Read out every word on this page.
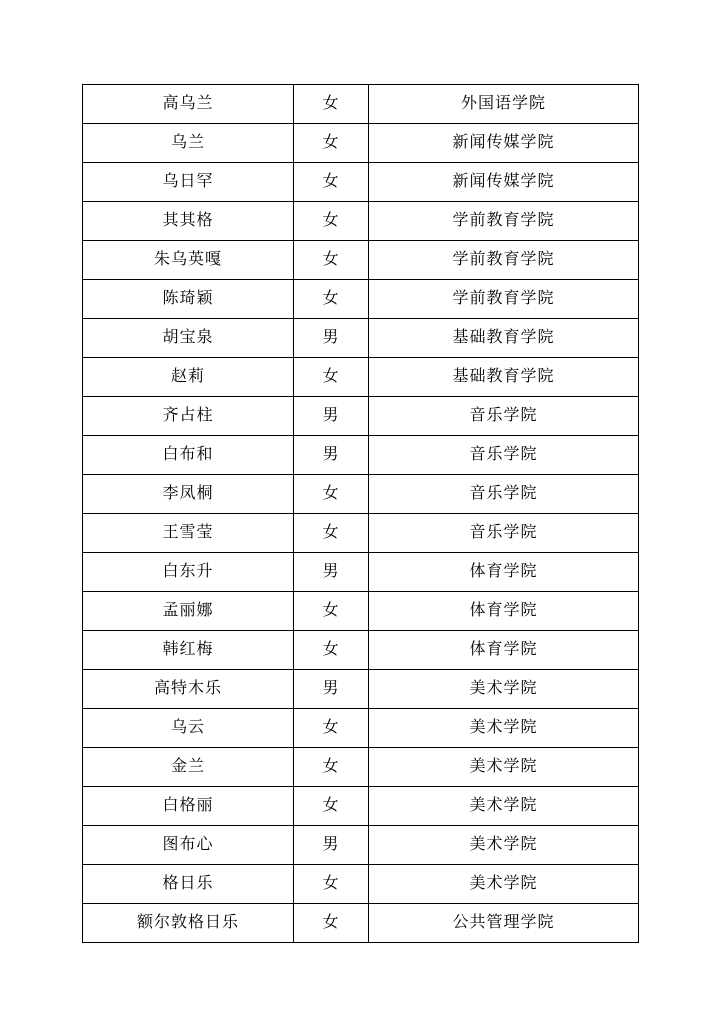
高乌兰	女	外国语学院
乌兰	女	新闻传媒学院
乌日罕	女	新闻传媒学院
其其格	女	学前教育学院
朱乌英嘎	女	学前教育学院
陈琦颖	女	学前教育学院
胡宝泉	男	基础教育学院
赵莉	女	基础教育学院
齐占柱	男	音乐学院
白布和	男	音乐学院
李凤桐	女	音乐学院
王雪莹	女	音乐学院
白东升	男	体育学院
孟丽娜	女	体育学院
韩红梅	女	体育学院
高特木乐	男	美术学院
乌云	女	美术学院
金兰	女	美术学院
白格丽	女	美术学院
图布心	男	美术学院
格日乐	女	美术学院
额尔敦格日乐	女	公共管理学院
